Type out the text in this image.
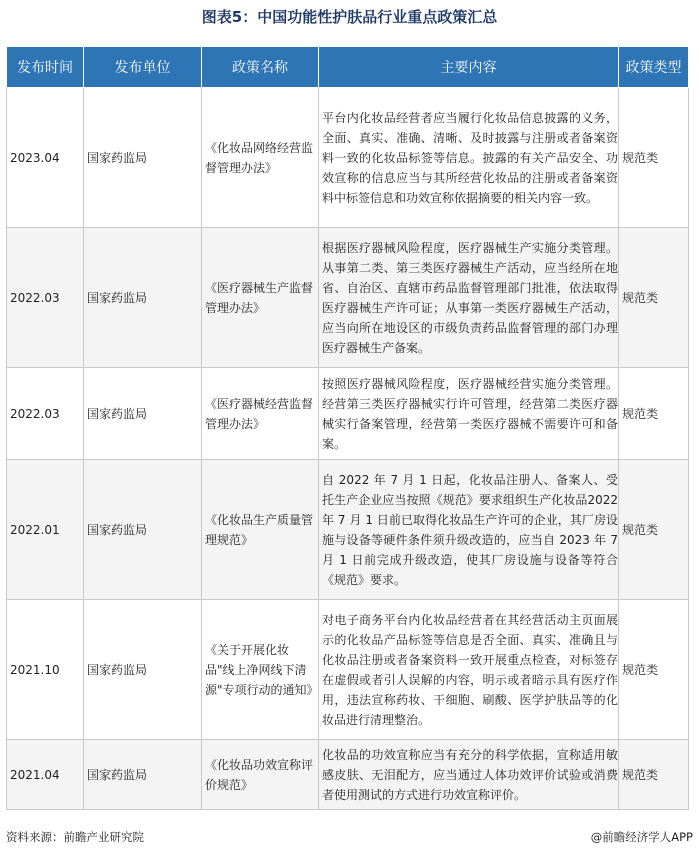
图表5：中国功能性护肤品行业重点政策汇总
发布时间	发布单位	政策名称	主要内容	政策类型
2023.04	国家药监局	《化妆品网络经营监督管理办法》	平台内化妆品经营者应当履行化妆品信息披露的义务，全面、真实、准确、清晰、及时披露与注册或者备案资料一致的化妆品标签等信息。披露的有关产品安全、功效宣称的信息应当与其所经营化妆品的注册或者备案资料中标签信息和功效宣称依据摘要的相关内容一致。	规范类
2022.03	国家药监局	《医疗器械生产监督管理办法》	根据医疗器械风险程度，医疗器械生产实施分类管理。从事第二类、第三类医疗器械生产活动，应当经所在地省、自治区、直辖市药品监督管理部门批准，依法取得医疗器械生产许可证；从事第一类医疗器械生产活动，应当向所在地设区的市级负责药品监督管理的部门办理医疗器械生产备案。	规范类
2022.03	国家药监局	《医疗器械经营监督管理办法》	按照医疗器械风险程度，医疗器械经营实施分类管理。经营第三类医疗器械实行许可管理，经营第二类医疗器械实行备案管理，经营第一类医疗器械不需要许可和备案。	规范类
2022.01	国家药监局	《化妆品生产质量管理规范》	自 2022 年 7 月 1 日起，化妆品注册人、备案人、受托生产企业应当按照《规范》要求组织生产化妆品2022 年 7 月 1 日前已取得化妆品生产许可的企业，其厂房设施与设备等硬件条件须升级改造的，应当自 2023 年 7 月 1 日前完成升级改造，使其厂房设施与设备等符合《规范》要求。	规范类
2021.10	国家药监局	《关于开展化妆品"线上净网线下清源"专项行动的通知》	对电子商务平台内化妆品经营者在其经营活动主页面展示的化妆品产品标签等信息是否全面、真实、准确且与化妆品注册或者备案资料一致开展重点检查，对标签存在虚假或者引人误解的内容，明示或者暗示具有医疗作用，违法宣称药妆、干细胞、刷酸、医学护肤品等的化妆品进行清理整治。	规范类
2021.04	国家药监局	《化妆品功效宣称评价规范》	化妆品的功效宣称应当有充分的科学依据，宣称适用敏感皮肤、无泪配方，应当通过人体功效评价试验或消费者使用测试的方式进行功效宣称评价。	规范类
资料来源：前瞻产业研究院	@前瞻经济学人APP
